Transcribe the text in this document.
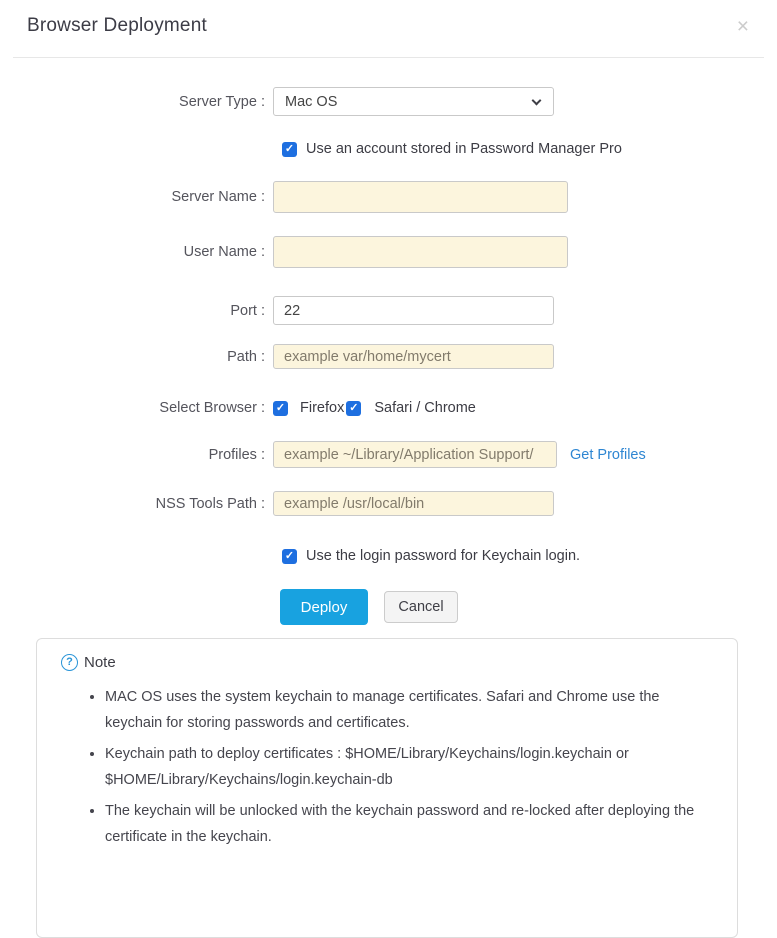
Browser Deployment	×
Server Type : Mac OS
✓ Use an account stored in Password Manager Pro
Server Name :
User Name :
Port :
22
Path :
example var/home/mycert
Select Browser : ✓ Firefox ✓ Safari / Chrome
Profiles :
example ~/Library/Application Support/	Get Profiles
NSS Tools Path :
example /usr/local/bin
✓ Use the login password for Keychain login.
Deploy	Cancel
? Note
• MAC OS uses the system keychain to manage certificates. Safari and Chrome use the keychain for storing passwords and certificates.
• Keychain path to deploy certificates : $HOME/Library/Keychains/login.keychain or $HOME/Library/Keychains/login.keychain-db
• The keychain will be unlocked with the keychain password and re-locked after deploying the certificate in the keychain.
